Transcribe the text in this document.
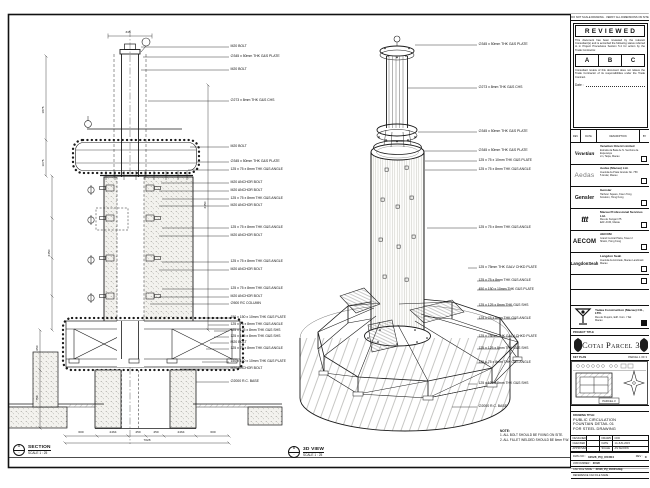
A
-
SECTION
SCALE 1 : 25
B
-
3D VIEW
SCALE 1 : 25
NOTE:
1. ALL BOLT SHOULD BE FIXING ON SITE.
2. ALL FILLET WELDED SHOULD BE 6mm F.W.
DO NOT SCALE DRAWING · VERIFY ALL DIMENSIONS ON SITE
REVIEWED
This document has been reviewed by the relevant Consultant(s) and is accorded the following status referred to in Project Procedures Section 5.4 for action by the Trade Contractor.
A	B	C
Consultant review of this document does not relieve the Trade Contractor of its responsibilities under the Trade Contract.
Date :
REV	DATE	DESCRIPTION	BY
Venetian
Venetian Orient Limited
Estrada da Baía de N. Senhora da Esperança
s/n, Taipa, Macau
Aedas
Aedas (Macau) Ltd.
Avenida da Praia Grande No. 759
5 Andar, Macau
Gensler
Gensler
Harbour Square, Kwun Tong
Kowloon, Hong Kong
ttt
Macau Professional Services Ltd.
Rua de Xangai 175
Edif. ACM, Macau
AECOM
AECOM
Grand Central Plaza, Tower 2
Shatin, Hong Kong
LangdonSeah
Langdon Seah
Avenida da Amizade, Macau Landmark
Macau
Yadea Construction (Macau) CO., LTD.
Rua de Pequim, Edif. Com. I Tak
Macau
PROJECT TITLE
Cotai Parcel 3
KEY PLAN	PARCEL 1 OF 3
PARCEL 3
DRAWING TITLE:
PUBLIC CIRCULATION
FOUNTAIN DETAIL 01
FOR STEEL DRAWING
DESIGNED	DRAWN	CKD
CHECKED	-	DATE	14-JUN-2015
APPROVED -	SCALE	AS SHOWN
DWG NO : 31528_PQ_RC004	REV : C
JOB NUMBER : 31528
CAD FILE NAME : 31528_PQ_RC004.dwg
REFERENCE CAD FILE NAME :
M20 BOLT
∅345 x 50mm THK G&S PLATE
M20 BOLT
∅273 x 8mm THK G&S CHS
M20 BOLT
∅345 x 50mm THK G&S PLATE
125 x 75 x 8mm THK G&S ANGLE
M20 ANCHOR BOLT
M20 ANCHOR BOLT
125 x 75 x 8mm THK G&S ANGLE
M20 ANCHOR BOLT
125 x 75 x 8mm THK G&S ANGLE
M20 ANCHOR BOLT
125 x 75 x 8mm THK G&S ANGLE
M20 ANCHOR BOLT
125 x 75 x 8mm THK G&S ANGLE
M20 ANCHOR BOLT
∅500 RC COLUMN
150 x 150 x 10mm THK G&S PLATE
125 x 75 x 8mm THK G&S ANGLE
125 x 125 x 8mm THK G&S SHS
125 x 125 x 8mm THK G&S SHS
M20 BOLT
125 x 75 x 8mm THK G&S ANGLE
150 x 150 x 10mm THK G&S PLATE
M20 ANCHOR BOLT
∅2000 R.C. BASE
∅345 x 50mm THK G&S PLATE
∅273 x 8mm THK G&S CHS
∅345 x 50mm THK G&S PLATE
∅345 x 50mm THK G&S PLATE
125 x 75 x 10mm THK G&S PLATE
125 x 75 x 8mm THK G&S ANGLE
125 x 75 x 8mm THK G&S ANGLE
125 x 75mm THK GALV CHKD PLATE
125 x 75 x 8mm THK G&S ANGLE
450 x 150 x 10mm THK G&S PLATE
125 x 125 x 8mm THK G&S SHS
125 x 75 x 8mm THK G&S ANGLE
125 x 75mm THK GALV CHKD PLATE
125 x 125 x 8mm THK G&S SHS
125 x 75 x 8mm THK G&S ANGLE
125 x 125 x 8mm THK G&S SHS
∅2000 R.C. BASE
1875
1075
2450
2450
650
750
345
600	2464	450	450	2464	600
7028
